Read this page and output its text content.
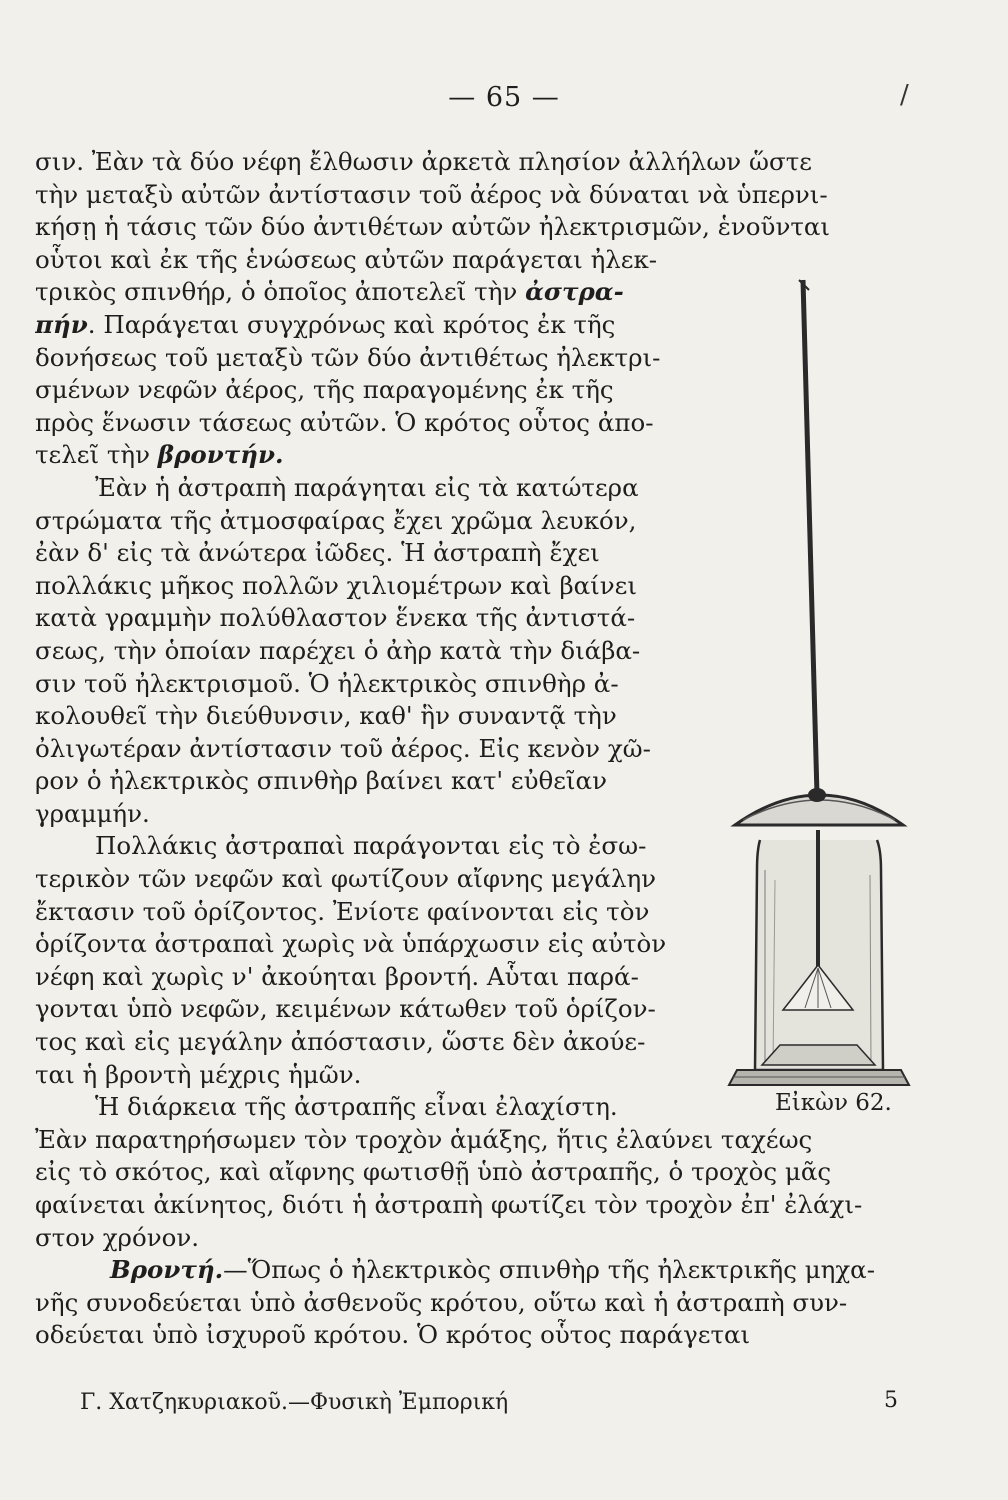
— 65 —	/
σιν. Ἐὰν τὰ δύο νέφη ἔλθωσιν ἀρκετὰ πλησίον ἀλλήλων ὥστε
τὴν μεταξὺ αὐτῶν ἀντίστασιν τοῦ ἀέρος νὰ δύναται νὰ ὑπερνι-
κήσῃ ἡ τάσις τῶν δύο ἀντιθέτων αὐτῶν ἠλεκτρισμῶν, ἑνοῦνται
οὗτοι καὶ ἐκ τῆς ἑνώσεως αὐτῶν παράγεται ἠλεκ-
τρικὸς σπινθήρ, ὁ ὁποῖος ἀποτελεῖ τὴν ἀστρα-
πήν. Παράγεται συγχρόνως καὶ κρότος ἐκ τῆς
δονήσεως τοῦ μεταξὺ τῶν δύο ἀντιθέτως ἠλεκτρι-
σμένων νεφῶν ἀέρος, τῆς παραγομένης ἐκ τῆς
πρὸς ἕνωσιν τάσεως αὐτῶν. Ὁ κρότος οὗτος ἀπο-
τελεῖ τὴν βροντήν.
Ἐὰν ἡ ἀστραπὴ παράγηται εἰς τὰ κατώτερα
στρώματα τῆς ἀτμοσφαίρας ἔχει χρῶμα λευκόν,
ἐὰν δ' εἰς τὰ ἀνώτερα ἰῶδες. Ἡ ἀστραπὴ ἔχει
πολλάκις μῆκος πολλῶν χιλιομέτρων καὶ βαίνει
κατὰ γραμμὴν πολύθλαστον ἕνεκα τῆς ἀντιστά-
σεως, τὴν ὁποίαν παρέχει ὁ ἀὴρ κατὰ τὴν διάβα-
σιν τοῦ ἠλεκτρισμοῦ. Ὁ ἠλεκτρικὸς σπινθὴρ ἀ-
κολουθεῖ τὴν διεύθυνσιν, καθ' ἣν συναντᾷ τὴν
ὀλιγωτέραν ἀντίστασιν τοῦ ἀέρος. Εἰς κενὸν χῶ-
ρον ὁ ἠλεκτρικὸς σπινθὴρ βαίνει κατ' εὐθεῖαν
γραμμήν.
Πολλάκις ἀστραπαὶ παράγονται εἰς τὸ ἐσω-
τερικὸν τῶν νεφῶν καὶ φωτίζουν αἴφνης μεγάλην
ἔκτασιν τοῦ ὁρίζοντος. Ἐνίοτε φαίνονται εἰς τὸν
ὁρίζοντα ἀστραπαὶ χωρὶς νὰ ὑπάρχωσιν εἰς αὐτὸν
νέφη καὶ χωρὶς ν' ἀκούηται βροντή. Αὗται παρά-
γονται ὑπὸ νεφῶν, κειμένων κάτωθεν τοῦ ὁρίζον-
τος καὶ εἰς μεγάλην ἀπόστασιν, ὥστε δὲν ἀκούε-
ται ἡ βροντὴ μέχρις ἡμῶν.
Ἡ διάρκεια τῆς ἀστραπῆς εἶναι ἐλαχίστη.
Ἐὰν παρατηρήσωμεν τὸν τροχὸν ἁμάξης, ἥτις ἐλαύνει ταχέως
εἰς τὸ σκότος, καὶ αἴφνης φωτισθῇ ὑπὸ ἀστραπῆς, ὁ τροχὸς μᾶς
φαίνεται ἀκίνητος, διότι ἡ ἀστραπὴ φωτίζει τὸν τροχὸν ἐπ' ἐλάχι-
στον χρόνον.
Βροντή.—Ὅπως ὁ ἠλεκτρικὸς σπινθὴρ τῆς ἠλεκτρικῆς μηχα-
νῆς συνοδεύεται ὑπὸ ἀσθενοῦς κρότου, οὕτω καὶ ἡ ἀστραπὴ συν-
οδεύεται ὑπὸ ἰσχυροῦ κρότου. Ὁ κρότος οὗτος παράγεται
Εἰκὼν 62.
Γ. Χατζηκυριακοῦ.—Φυσικὴ Ἐμπορική	5
